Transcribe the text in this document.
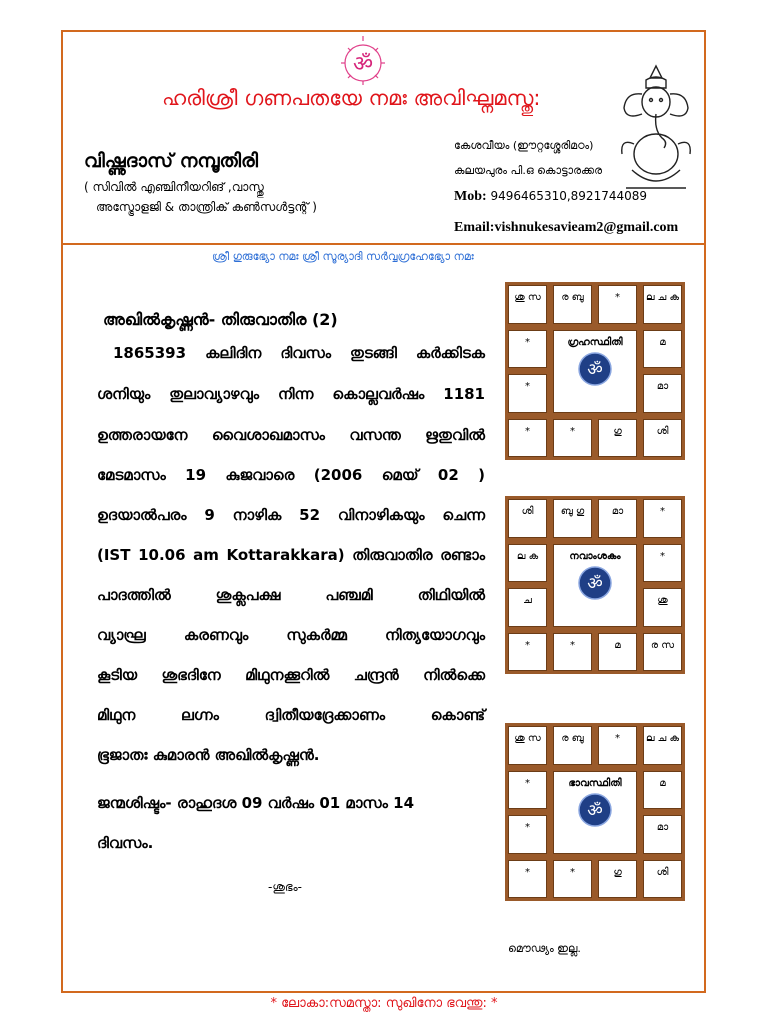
ॐ
ഹരിശ്രീ ഗണപതയേ നമഃ അവിഘ്നമസ്തു:
വിഷ്ണുദാസ് നമ്പൂതിരി
( സിവിൽ എഞ്ചിനീയറിങ് ,വാസ്തു
അസ്ട്രോളജി & താന്ത്രിക് കൺസൾട്ടന്റ് )
കേശവീയം (ഈറ്റശ്ശേരിമഠം)
കലയപുരം പി.ഒ കൊട്ടാരക്കര
Mob: 9496465310,8921744089
Email:vishnukesavieam2@gmail.com
ശ്രീ ഗുരുഭ്യോ നമഃ ശ്രീ സൂര്യാദി സർവ്വഗ്രഹേഭ്യോ നമഃ
അഖിൽകൃഷ്ണൻ- തിരുവാതിര (2)
1865393 കലിദിന ദിവസം തുടങ്ങി കർക്കിടക
ശനിയും തുലാവ്യാഴവും നിന്ന കൊല്ലവർഷം 1181
ഉത്തരായനേ വൈശാഖമാസം വസന്ത ഋതുവിൽ
മേടമാസം 19 കുജവാരെ (2006 മെയ് 02 )
ഉദയാൽപരം 9 നാഴിക 52 വിനാഴികയും ചെന്ന
(IST 10.06 am Kottarakkara) തിരുവാതിര രണ്ടാം
പാദത്തിൽ ശുക്ലപക്ഷ പഞ്ചമി തിഥിയിൽ
വ്യാഘ്ര കരണവും സുകർമ്മ നിത്യയോഗവും
കൂടിയ ശുഭദിനേ മിഥുനക്കൂറിൽ ചന്ദ്രൻ നിൽക്കെ
മിഥുന ലഗ്നം ദ്വിതീയദ്രേക്കാണം കൊണ്ട്
ഭൂജാതഃ കുമാരൻ അഖിൽകൃഷ്ണൻ.
ജന്മശിഷ്ടം- രാഹുദശ 09 വർഷം 01 മാസം 14
ദിവസം.
-ശുഭം-
ശു സ	ര ബു	*	ല ച ക
*	മ
*	മാ
*	*	ഗു	ശി
ഗ്രഹസ്ഥിതി
ॐ
ശി	ബു ഗു	മാ	*
ല ക	*
ച	ശു
*	*	മ	ര സ
നവാംശകം
ॐ
ശു സ	ര ബു	*	ല ച ക
*	മ
*	മാ
*	*	ഗു	ശി
ഭാവസ്ഥിതി
ॐ
മൌഢ്യം ഇല്ല.
* ലോകാ:സമസ്താ: സുഖിനോ ഭവന്തു: *
